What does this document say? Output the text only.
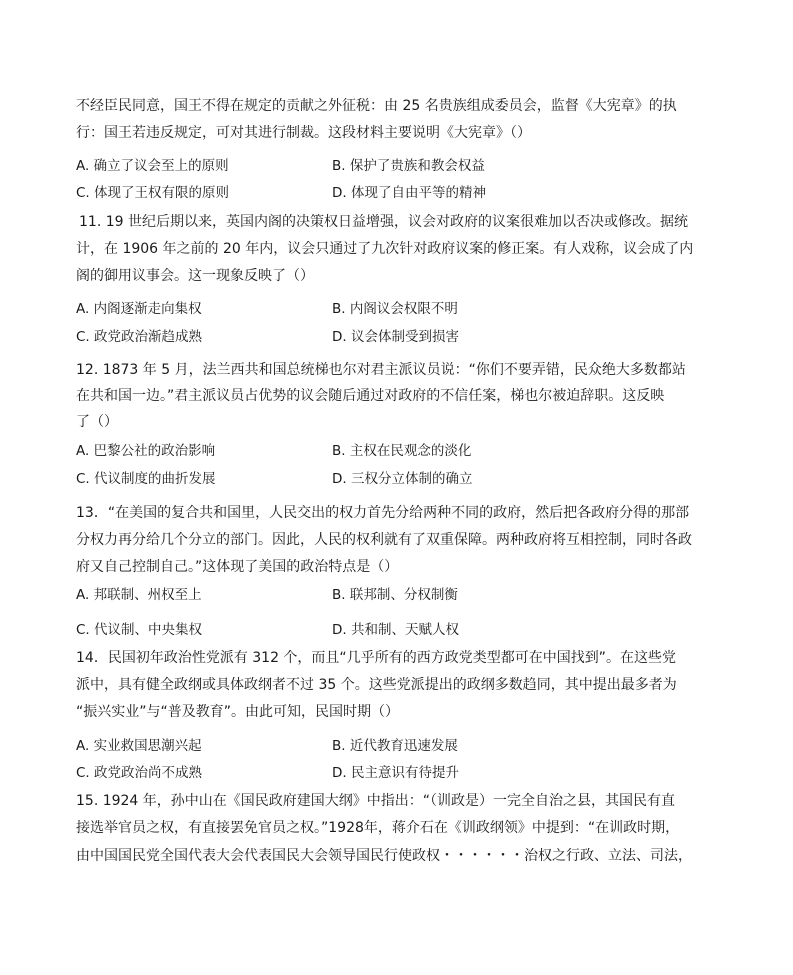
不经臣民同意，国王不得在规定的贡献之外征税：由 25 名贵族组成委员会，监督《大宪章》的执
行：国王若违反规定，可对其进行制裁。这段材料主要说明《大宪章》（）
A. 确立了议会至上的原则	B. 保护了贵族和教会权益
C. 体现了王权有限的原则	D. 体现了自由平等的精神
11. 19 世纪后期以来，英国内阁的决策权日益增强，议会对政府的议案很难加以否决或修改。据统
计，在 1906 年之前的 20 年内，议会只通过了九次针对政府议案的修正案。有人戏称，议会成了内
阁的御用议事会。这一现象反映了（）
A. 内阁逐渐走向集权	B. 内阁议会权限不明
C. 政党政治渐趋成熟	D. 议会体制受到损害
12. 1873 年 5 月，法兰西共和国总统梯也尔对君主派议员说：“你们不要弄错，民众绝大多数都站
在共和国一边。”君主派议员占优势的议会随后通过对政府的不信任案，梯也尔被迫辞职。这反映
了（）
A. 巴黎公社的政治影响	B. 主权在民观念的淡化
C. 代议制度的曲折发展	D. 三权分立体制的确立
13．“在美国的复合共和国里，人民交出的权力首先分给两种不同的政府，然后把各政府分得的那部
分权力再分给几个分立的部门。因此，人民的权利就有了双重保障。两种政府将互相控制，同时各政
府又自己控制自己。”这体现了美国的政治特点是（）
A. 邦联制、州权至上	B. 联邦制、分权制衡
C. 代议制、中央集权	D. 共和制、天赋人权
14．民国初年政治性党派有 312 个，而且“几乎所有的西方政党类型都可在中国找到”。在这些党
派中，具有健全政纲或具体政纲者不过 35 个。这些党派提出的政纲多数趋同，其中提出最多者为
“振兴实业”与“普及教育”。由此可知，民国时期（）
A. 实业救国思潮兴起	B. 近代教育迅速发展
C. 政党政治尚不成熟	D. 民主意识有待提升
15. 1924 年，孙中山在《国民政府建国大纲》中指出：“（训政是）一完全自治之县，其国民有直
接选举官员之权，有直接罢免官员之权。”1928年，蒋介石在《训政纲领》中提到：“在训政时期，
由中国国民党全国代表大会代表国民大会领导国民行使政权・・・・・・治权之行政、立法、司法，
